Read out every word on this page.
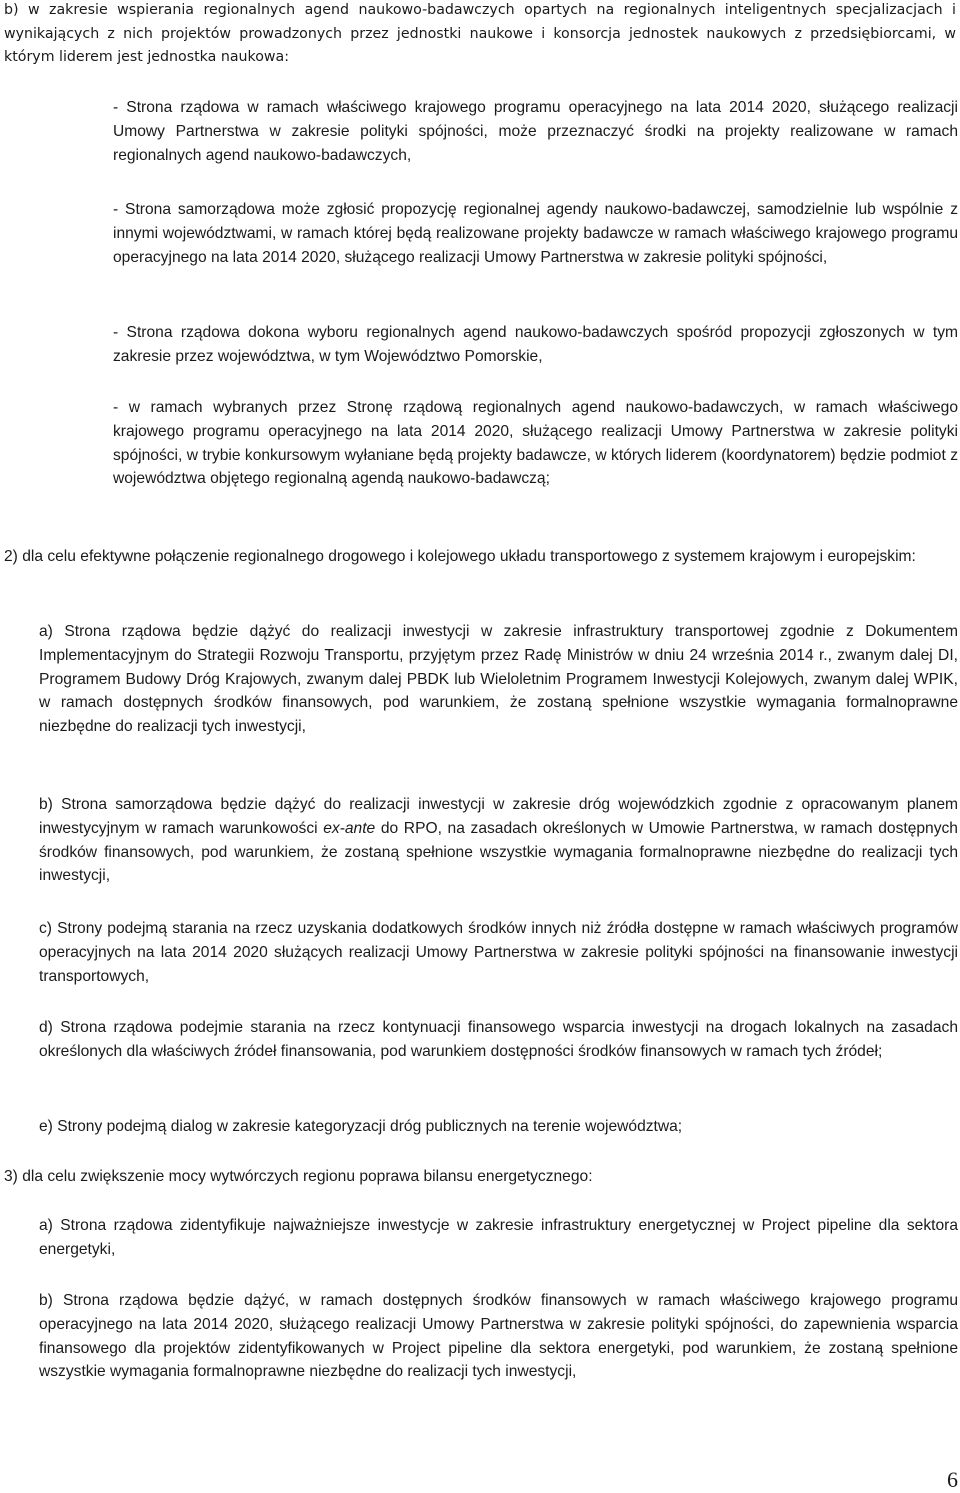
b) w zakresie wspierania regionalnych agend naukowo-badawczych opartych na regionalnych inteligentnych specjalizacjach i wynikających z nich projektów prowadzonych przez jednostki naukowe i konsorcja jednostek naukowych z przedsiębiorcami, w którym liderem jest jednostka naukowa:

- Strona rządowa w ramach właściwego krajowego programu operacyjnego na lata 2014 2020, służącego realizacji Umowy Partnerstwa w zakresie polityki spójności, może przeznaczyć środki na projekty realizowane w ramach regionalnych agend naukowo-badawczych,

- Strona samorządowa może zgłosić propozycję regionalnej agendy naukowo-badawczej, samodzielnie lub wspólnie z innymi województwami, w ramach której będą realizowane projekty badawcze w ramach właściwego krajowego programu operacyjnego na lata 2014 2020, służącego realizacji Umowy Partnerstwa w zakresie polityki spójności,

- Strona rządowa dokona wyboru regionalnych agend naukowo-badawczych spośród propozycji zgłoszonych w tym zakresie przez województwa, w tym Województwo Pomorskie,

- w ramach wybranych przez Stronę rządową regionalnych agend naukowo-badawczych, w ramach właściwego krajowego programu operacyjnego na lata 2014 2020, służącego realizacji Umowy Partnerstwa w zakresie polityki spójności, w trybie konkursowym wyłaniane będą projekty badawcze, w których liderem (koordynatorem) będzie podmiot z województwa objętego regionalną agendą naukowo-badawczą;

2) dla celu efektywne połączenie regionalnego drogowego i kolejowego układu transportowego z systemem krajowym i europejskim:

a) Strona rządowa będzie dążyć do realizacji inwestycji w zakresie infrastruktury transportowej zgodnie z Dokumentem Implementacyjnym do Strategii Rozwoju Transportu, przyjętym przez Radę Ministrów w dniu 24 września 2014 r., zwanym dalej DI, Programem Budowy Dróg Krajowych, zwanym dalej PBDK lub Wieloletnim Programem Inwestycji Kolejowych, zwanym dalej WPIK, w ramach dostępnych środków finansowych, pod warunkiem, że zostaną spełnione wszystkie wymagania formalnoprawne niezbędne do realizacji tych inwestycji,

b) Strona samorządowa będzie dążyć do realizacji inwestycji w zakresie dróg wojewódzkich zgodnie z opracowanym planem inwestycyjnym w ramach warunkowości ex-ante do RPO, na zasadach określonych w Umowie Partnerstwa, w ramach dostępnych środków finansowych, pod warunkiem, że zostaną spełnione wszystkie wymagania formalnoprawne niezbędne do realizacji tych inwestycji,

c) Strony podejmą starania na rzecz uzyskania dodatkowych środków innych niż źródła dostępne w ramach właściwych programów operacyjnych na lata 2014 2020 służących realizacji Umowy Partnerstwa w zakresie polityki spójności na finansowanie inwestycji transportowych,

d) Strona rządowa podejmie starania na rzecz kontynuacji finansowego wsparcia inwestycji na drogach lokalnych na zasadach określonych dla właściwych źródeł finansowania, pod warunkiem dostępności środków finansowych w ramach tych źródeł;

e) Strony podejmą dialog w zakresie kategoryzacji dróg publicznych na terenie województwa;

3) dla celu zwiększenie mocy wytwórczych regionu poprawa bilansu energetycznego:

a) Strona rządowa zidentyfikuje najważniejsze inwestycje w zakresie infrastruktury energetycznej w Project pipeline dla sektora energetyki,

b) Strona rządowa będzie dążyć, w ramach dostępnych środków finansowych w ramach właściwego krajowego programu operacyjnego na lata 2014 2020, służącego realizacji Umowy Partnerstwa w zakresie polityki spójności, do zapewnienia wsparcia finansowego dla projektów zidentyfikowanych w Project pipeline dla sektora energetyki, pod warunkiem, że zostaną spełnione wszystkie wymagania formalnoprawne niezbędne do realizacji tych inwestycji,

6
